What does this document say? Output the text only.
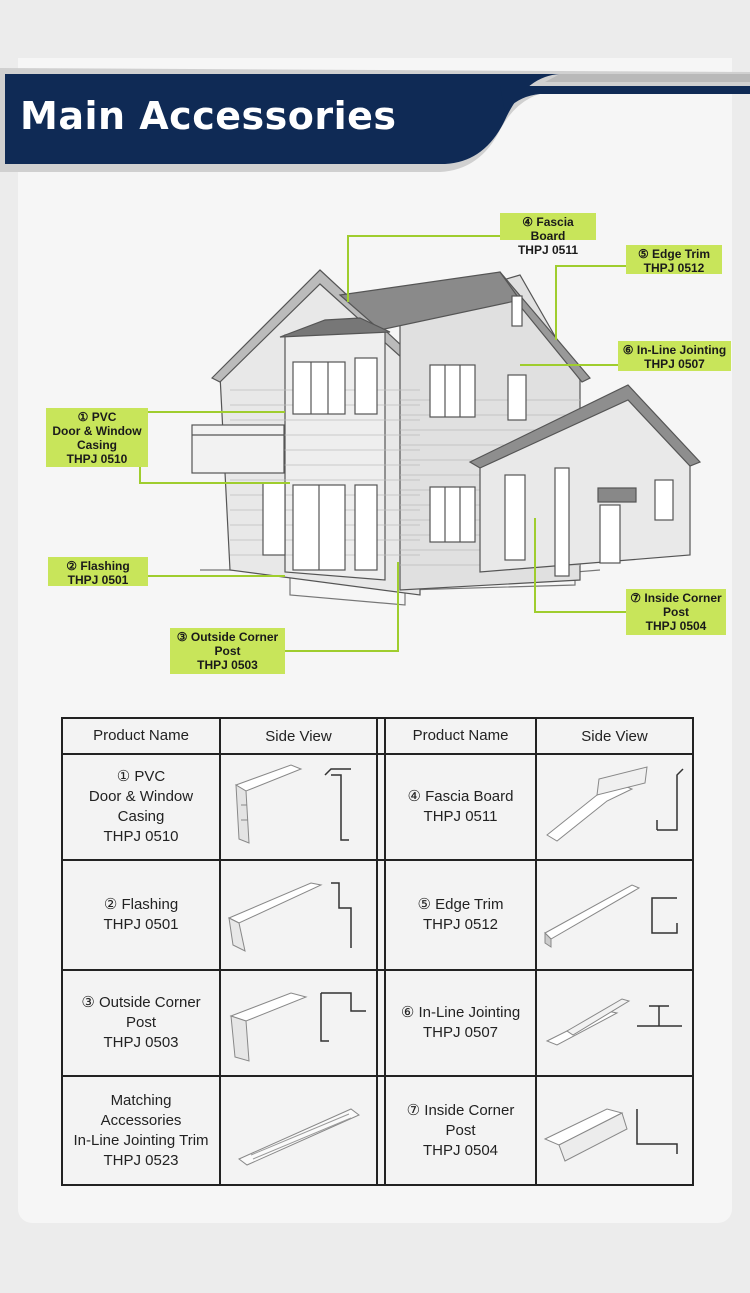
Main Accessories
④ Fascia Board
THPJ 0511	⑤ Edge Trim
THPJ 0512
⑥ In-Line Jointing
THPJ 0507
① PVC
Door & Window
Casing
THPJ 0510
② Flashing
THPJ 0501
③ Outside Corner
Post
THPJ 0503
⑦ Inside Corner
Post
THPJ 0504
Product Name	Side View		Product Name	Side View

① PVC
Door & Window
Casing
THPJ 0510			④ Fascia Board
THPJ 0511

② Flashing
THPJ 0501			⑤ Edge Trim
THPJ 0512

③ Outside Corner
Post
THPJ 0503			⑥ In-Line Jointing
THPJ 0507

Matching
Accessories
In-Line Jointing Trim
THPJ 0523			⑦ Inside Corner
Post
THPJ 0504
